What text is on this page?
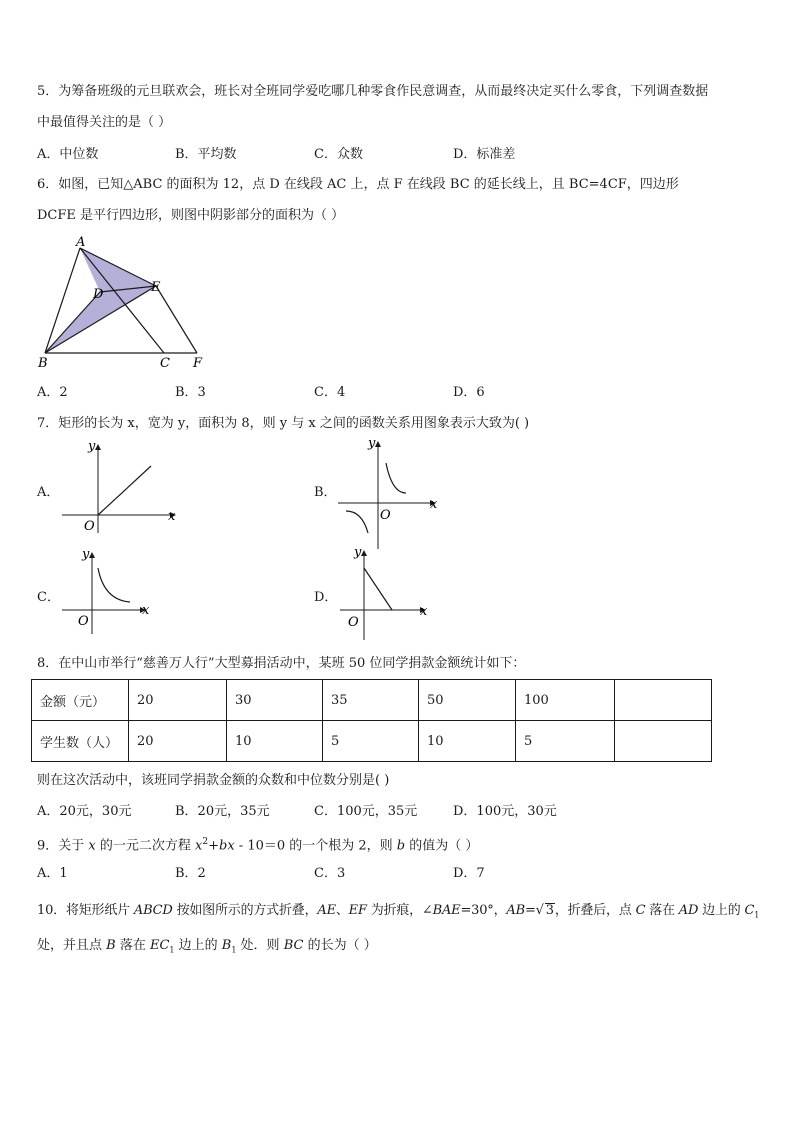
5．为筹备班级的元旦联欢会，班长对全班同学爱吃哪几种零食作民意调查，从而最终决定买什么零食，下列调查数据
中最值得关注的是（ ）
A．中位数	B．平均数	C．众数	D．标准差
6．如图，已知△ABC 的面积为 12，点 D 在线段 AC 上，点 F 在线段 BC 的延长线上，且 BC=4CF，四边形
DCFE 是平行四边形，则图中阴影部分的面积为（ ）
A
D	E
B	C F
A．2	B．3	C．4	D．6
7．矩形的长为 x，宽为 y，面积为 8，则 y 与 x 之间的函数关系用图象表示大致为( )
A．
x
y
O
B．
x
y
O
C．
x
y
O
D．
x
y
O
8．在中山市举行“慈善万人行”大型募捐活动中，某班 50 位同学捐款金额统计如下：
金额（元）	20	30	35	50	100	
学生数（人）	20	10	5	10	5	
则在这次活动中，该班同学捐款金额的众数和中位数分别是( )
A．20元，30元	B．20元，35元	C．100元，35元	D．100元，30元
9．关于 x 的一元二次方程 $x^2+bx - 10=0$ 的一个根为 2，则 b 的值为（ ）
A．1	B．2	C．3	D．7
10．将矩形纸片 ABCD 按如图所示的方式折叠，AE、EF 为折痕，∠BAE=30°，AB=√ 3，折叠后，点 C 落在 AD 边上的 $C_1$
处，并且点 B 落在 $EC_1$ 边上的 $B_1$ 处．则 BC 的长为（ ）
